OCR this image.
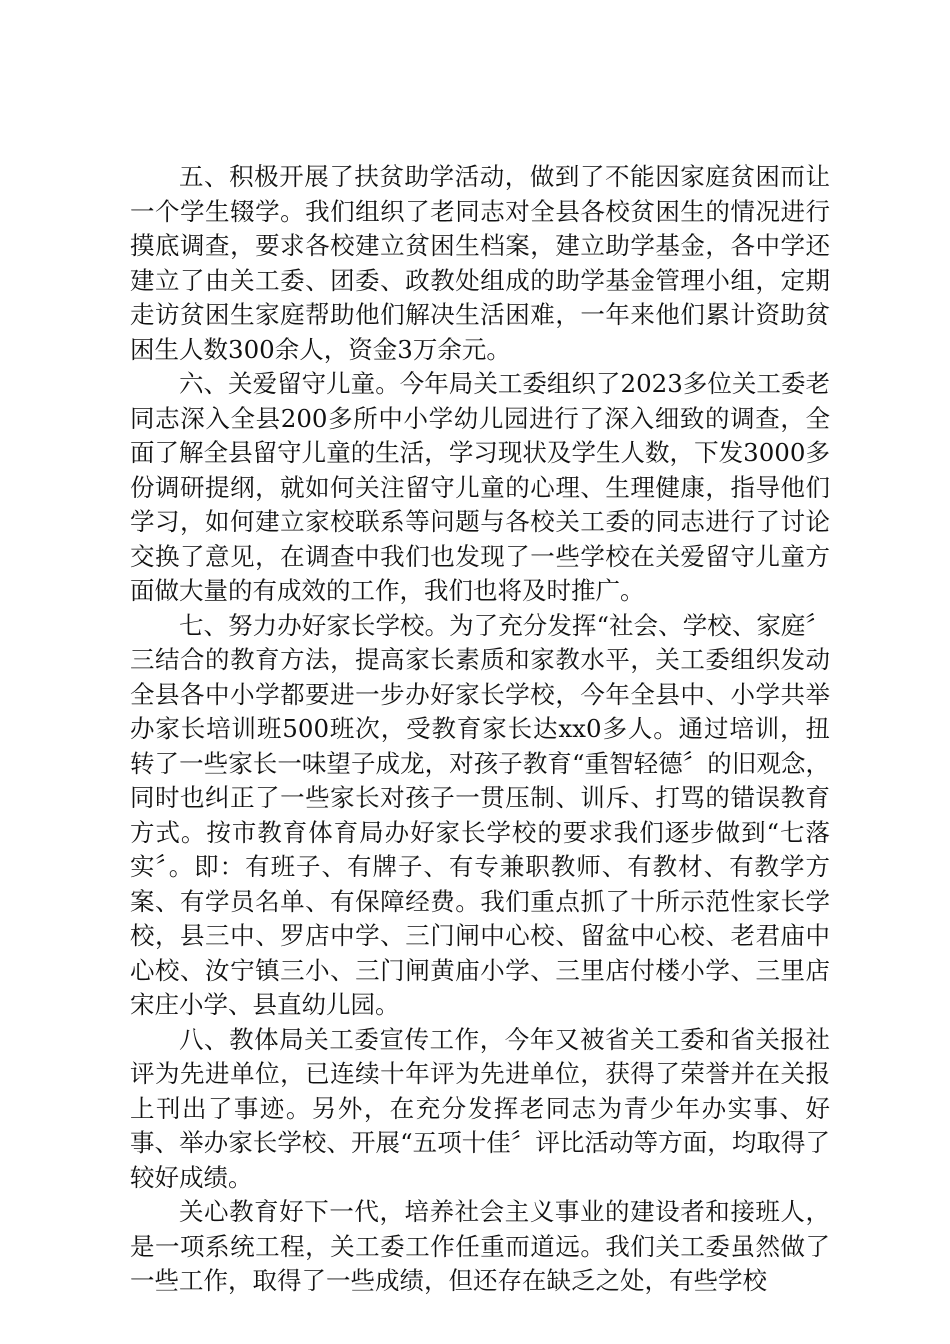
五、积极开展了扶贫助学活动，做到了不能因家庭贫困而让一个学生辍学。我们组织了老同志对全县各校贫困生的情况进行摸底调查，要求各校建立贫困生档案，建立助学基金，各中学还建立了由关工委、团委、政教处组成的助学基金管理小组，定期走访贫困生家庭帮助他们解决生活困难，一年来他们累计资助贫困生人数300余人，资金3万余元。

六、关爱留守儿童。今年局关工委组织了2023多位关工委老同志深入全县200多所中小学幼儿园进行了深入细致的调查，全面了解全县留守儿童的生活，学习现状及学生人数，下发3000多份调研提纲，就如何关注留守儿童的心理、生理健康，指导他们学习，如何建立家校联系等问题与各校关工委的同志进行了讨论交换了意见，在调查中我们也发现了一些学校在关爱留守儿童方面做大量的有成效的工作，我们也将及时推广。

七、努力办好家长学校。为了充分发挥“社会、学校、家庭〞三结合的教育方法，提高家长素质和家教水平，关工委组织发动全县各中小学都要进一步办好家长学校，今年全县中、小学共举办家长培训班500班次，受教育家长达xx0多人。通过培训，扭转了一些家长一味望子成龙，对孩子教育“重智轻德〞的旧观念，同时也纠正了一些家长对孩子一贯压制、训斥、打骂的错误教育方式。按市教育体育局办好家长学校的要求我们逐步做到“七落实〞。即：有班子、有牌子、有专兼职教师、有教材、有教学方案、有学员名单、有保障经费。我们重点抓了十所示范性家长学校，县三中、罗店中学、三门闸中心校、留盆中心校、老君庙中心校、汝宁镇三小、三门闸黄庙小学、三里店付楼小学、三里店宋庄小学、县直幼儿园。

八、教体局关工委宣传工作，今年又被省关工委和省关报社评为先进单位，已连续十年评为先进单位，获得了荣誉并在关报上刊出了事迹。另外，在充分发挥老同志为青少年办实事、好事、举办家长学校、开展“五项十佳〞评比活动等方面，均取得了较好成绩。

关心教育好下一代，培养社会主义事业的建设者和接班人，是一项系统工程，关工委工作任重而道远。我们关工委虽然做了一些工作，取得了一些成绩，但还存在缺乏之处，有些学校
